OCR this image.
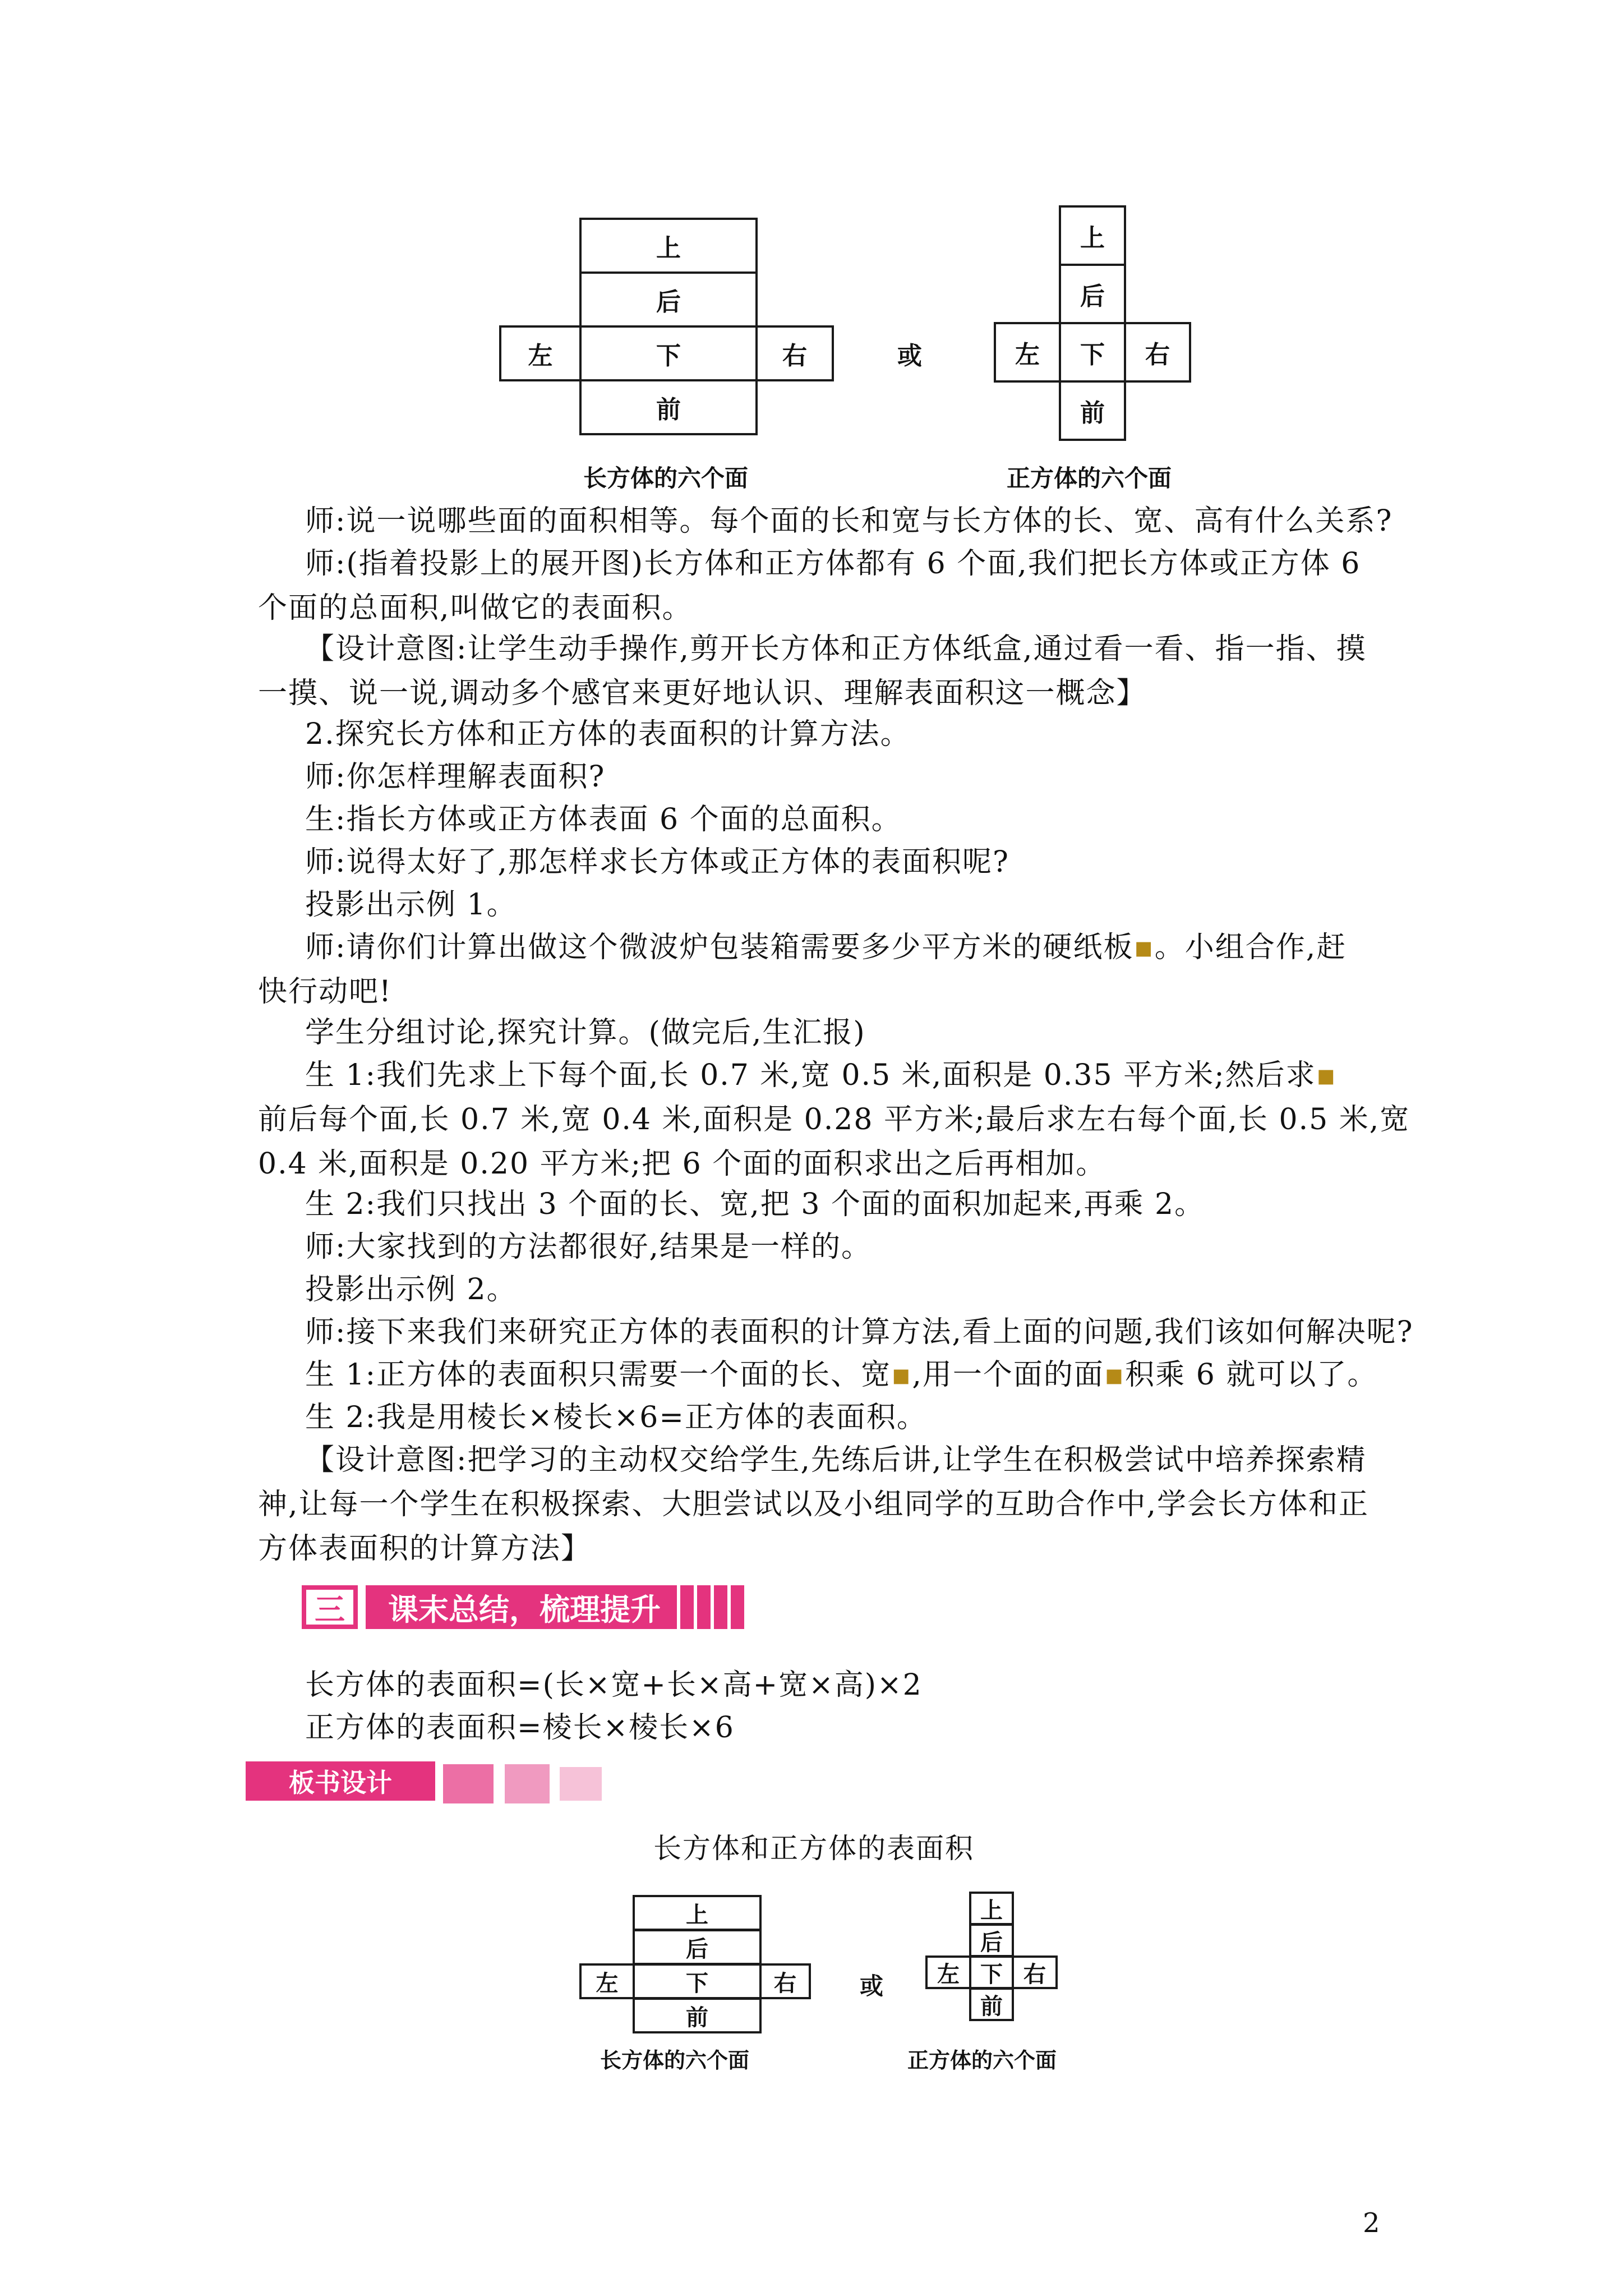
上
后
左	下	右
前
长方体的六个面
或
上
后
左 下 右
前
正方体的六个面
师:说一说哪些面的面积相等。每个面的长和宽与长方体的长、宽、高有什么关系?
师:(指着投影上的展开图)长方体和正方体都有 6 个面,我们把长方体或正方体 6 个面的总面积,叫做它的表面积。
【设计意图:让学生动手操作,剪开长方体和正方体纸盒,通过看一看、指一指、摸一摸、说一说,调动多个感官来更好地认识、理解表面积这一概念】
2.探究长方体和正方体的表面积的计算方法。
师:你怎样理解表面积?
生:指长方体或正方体表面 6 个面的总面积。
师:说得太好了,那怎样求长方体或正方体的表面积呢?
投影出示例 1。
师:请你们计算出做这个微波炉包装箱需要多少平方米的硬纸板▪。小组合作,赶快行动吧!
学生分组讨论,探究计算。(做完后,生汇报)
生 1:我们先求上下每个面,长 0.7 米,宽 0.5 米,面积是 0.35 平方米;然后求▪
前后每个面,长 0.7 米,宽 0.4 米,面积是 0.28 平方米;最后求左右每个面,长 0.5 米,宽
0.4 米,面积是 0.20 平方米;把 6 个面的面积求出之后再相加。
生 2:我们只找出 3 个面的长、宽,把 3 个面的面积加起来,再乘 2。
师:大家找到的方法都很好,结果是一样的。
投影出示例 2。
师:接下来我们来研究正方体的表面积的计算方法,看上面的问题,我们该如何解决呢?
生 1:正方体的表面积只需要一个面的长、宽▪,用一个面的面▪积乘 6 就可以了。
生 2:我是用棱长×棱长×6=正方体的表面积。
【设计意图:把学习的主动权交给学生,先练后讲,让学生在积极尝试中培养探索精神,让每一个学生在积极探索、大胆尝试以及小组同学的互助合作中,学会长方体和正方体表面积的计算方法】
三	课末总结，梳理提升
长方体的表面积=(长×宽+长×高+宽×高)×2
正方体的表面积=棱长×棱长×6
板书设计
长方体和正方体的表面积
上
后
左	下	右
前
长方体的六个面
或
上
后
左 下 右
前
正方体的六个面
2
